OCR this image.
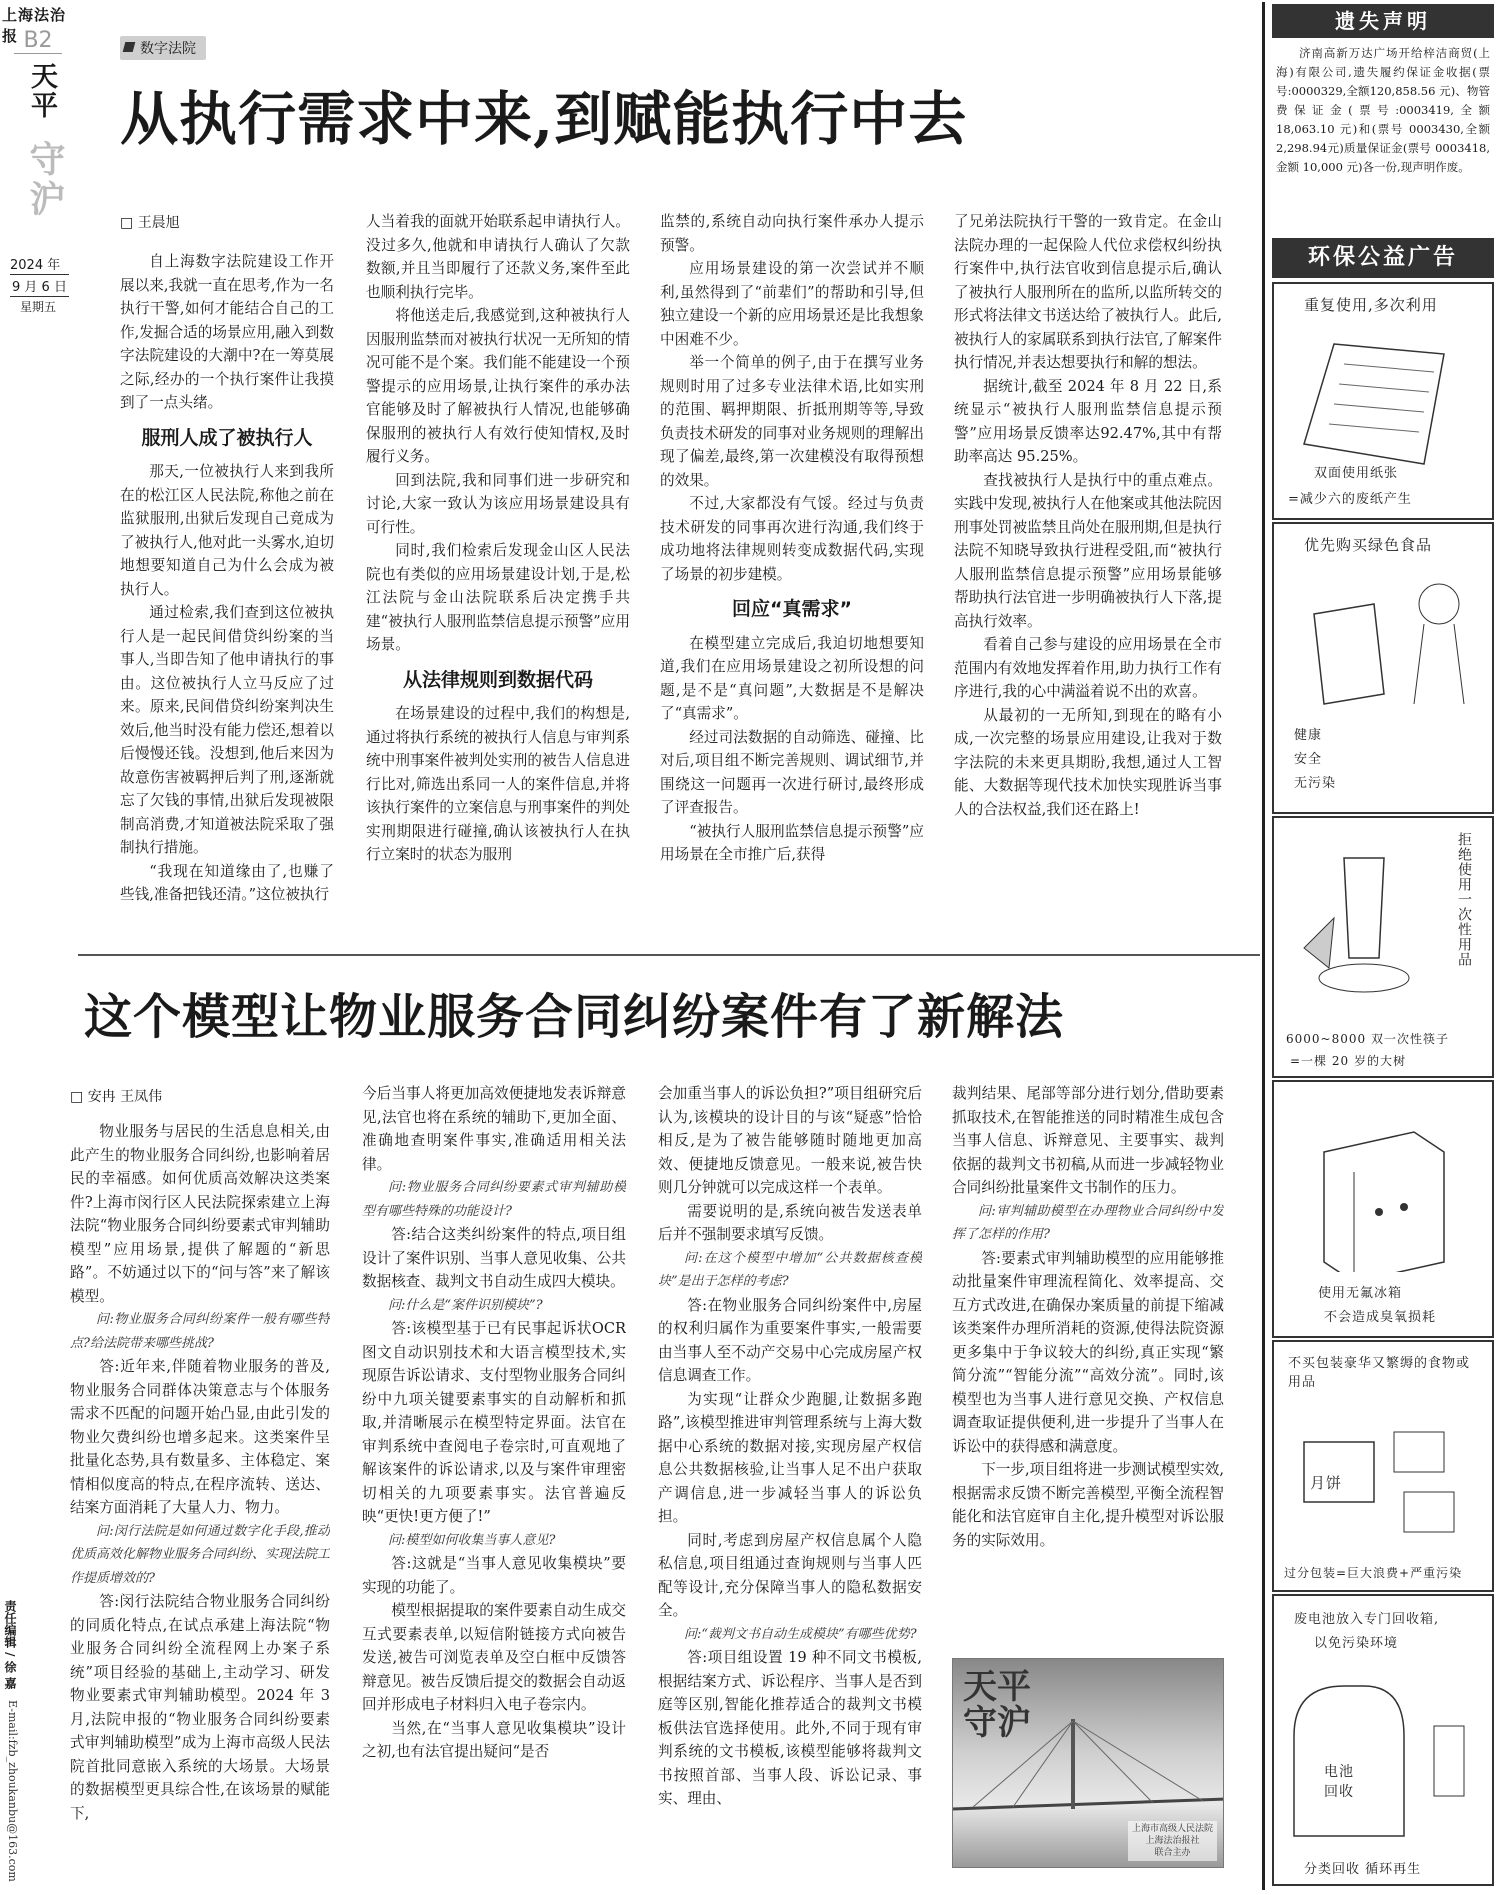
上海法治报 B2
天平
守沪
2024 年
9 月 6 日
星期五
责任编辑 / 徐 嘉
E-mail:fzb_zhoukanbu@163.com
数字法院
从执行需求中来,到赋能执行中去
□ 王晨旭

自上海数字法院建设工作开展以来,我就一直在思考,作为一名执行干警,如何才能结合自己的工作,发掘合适的场景应用,融入到数字法院建设的大潮中?在一筹莫展之际,经办的一个执行案件让我摸到了一点头绪。

服刑人成了被执行人

那天,一位被执行人来到我所在的松江区人民法院,称他之前在监狱服刑,出狱后发现自己竟成为了被执行人,他对此一头雾水,迫切地想要知道自己为什么会成为被执行人。

通过检索,我们查到这位被执行人是一起民间借贷纠纷案的当事人,当即告知了他申请执行的事由。这位被执行人立马反应了过来。原来,民间借贷纠纷案判决生效后,他当时没有能力偿还,想着以后慢慢还钱。没想到,他后来因为故意伤害被羁押后判了刑,逐渐就忘了欠钱的事情,出狱后发现被限制高消费,才知道被法院采取了强制执行措施。

“我现在知道缘由了,也赚了些钱,准备把钱还清。”这位被执行

人当着我的面就开始联系起申请执行人。没过多久,他就和申请执行人确认了欠款数额,并且当即履行了还款义务,案件至此也顺利执行完毕。

将他送走后,我感觉到,这种被执行人因服刑监禁而对被执行状况一无所知的情况可能不是个案。我们能不能建设一个预警提示的应用场景,让执行案件的承办法官能够及时了解被执行人情况,也能够确保服刑的被执行人有效行使知情权,及时履行义务。

回到法院,我和同事们进一步研究和讨论,大家一致认为该应用场景建设具有可行性。

同时,我们检索后发现金山区人民法院也有类似的应用场景建设计划,于是,松江法院与金山法院联系后决定携手共建“被执行人服刑监禁信息提示预警”应用场景。

从法律规则到数据代码

在场景建设的过程中,我们的构想是,通过将执行系统的被执行人信息与审判系统中刑事案件被判处实刑的被告人信息进行比对,筛选出系同一人的案件信息,并将该执行案件的立案信息与刑事案件的判处实刑期限进行碰撞,确认该被执行人在执行立案时的状态为服刑

监禁的,系统自动向执行案件承办人提示预警。

应用场景建设的第一次尝试并不顺利,虽然得到了“前辈们”的帮助和引导,但独立建设一个新的应用场景还是比我想象中困难不少。

举一个简单的例子,由于在撰写业务规则时用了过多专业法律术语,比如实刑的范围、羁押期限、折抵刑期等等,导致负责技术研发的同事对业务规则的理解出现了偏差,最终,第一次建模没有取得预想的效果。

不过,大家都没有气馁。经过与负责技术研发的同事再次进行沟通,我们终于成功地将法律规则转变成数据代码,实现了场景的初步建模。

回应“真需求”

在模型建立完成后,我迫切地想要知道,我们在应用场景建设之初所设想的问题,是不是“真问题”,大数据是不是解决了“真需求”。

经过司法数据的自动筛选、碰撞、比对后,项目组不断完善规则、调试细节,并围绕这一问题再一次进行研讨,最终形成了评查报告。

“被执行人服刑监禁信息提示预警”应用场景在全市推广后,获得

了兄弟法院执行干警的一致肯定。在金山法院办理的一起保险人代位求偿权纠纷执行案件中,执行法官收到信息提示后,确认了被执行人服刑所在的监所,以监所转交的形式将法律文书送达给了被执行人。此后,被执行人的家属联系到执行法官,了解案件执行情况,并表达想要执行和解的想法。

据统计,截至 2024 年 8 月 22 日,系统显示“被执行人服刑监禁信息提示预警”应用场景反馈率达92.47%,其中有帮助率高达 95.25%。

查找被执行人是执行中的重点难点。实践中发现,被执行人在他案或其他法院因刑事处罚被监禁且尚处在服刑期,但是执行法院不知晓导致执行进程受阻,而“被执行人服刑监禁信息提示预警”应用场景能够帮助执行法官进一步明确被执行人下落,提高执行效率。

看着自己参与建设的应用场景在全市范围内有效地发挥着作用,助力执行工作有序进行,我的心中满溢着说不出的欢喜。

从最初的一无所知,到现在的略有小成,一次完整的场景应用建设,让我对于数字法院的未来更具期盼,我想,通过人工智能、大数据等现代技术加快实现胜诉当事人的合法权益,我们还在路上!

这个模型让物业服务合同纠纷案件有了新解法
□ 安冉 王凤伟

物业服务与居民的生活息息相关,由此产生的物业服务合同纠纷,也影响着居民的幸福感。如何优质高效解决这类案件?上海市闵行区人民法院探索建立上海法院“物业服务合同纠纷要素式审判辅助模型”应用场景,提供了解题的“新思路”。不妨通过以下的“问与答”来了解该模型。

问:物业服务合同纠纷案件一般有哪些特点?给法院带来哪些挑战?

答:近年来,伴随着物业服务的普及,物业服务合同群体决策意志与个体服务需求不匹配的问题开始凸显,由此引发的物业欠费纠纷也增多起来。这类案件呈批量化态势,具有数量多、主体稳定、案情相似度高的特点,在程序流转、送达、结案方面消耗了大量人力、物力。

问:闵行法院是如何通过数字化手段,推动优质高效化解物业服务合同纠纷、实现法院工作提质增效的?

答:闵行法院结合物业服务合同纠纷的同质化特点,在试点承建上海法院“物业服务合同纠纷全流程网上办案子系统”项目经验的基础上,主动学习、研发物业要素式审判辅助模型。2024 年 3 月,法院申报的“物业服务合同纠纷要素式审判辅助模型”成为上海市高级人民法院首批同意嵌入系统的大场景。大场景的数据模型更具综合性,在该场景的赋能下,

今后当事人将更加高效便捷地发表诉辩意见,法官也将在系统的辅助下,更加全面、准确地查明案件事实,准确适用相关法律。

问:物业服务合同纠纷要素式审判辅助模型有哪些特殊的功能设计?

答:结合这类纠纷案件的特点,项目组设计了案件识别、当事人意见收集、公共数据核查、裁判文书自动生成四大模块。

问:什么是“案件识别模块”?

答:该模型基于已有民事起诉状OCR 图文自动识别技术和大语言模型技术,实现原告诉讼请求、支付型物业服务合同纠纷中九项关键要素事实的自动解析和抓取,并清晰展示在模型特定界面。法官在审判系统中查阅电子卷宗时,可直观地了解该案件的诉讼请求,以及与案件审理密切相关的九项要素事实。法官普遍反映“更快!更方便了!”

问:模型如何收集当事人意见?

答:这就是“当事人意见收集模块”要实现的功能了。

模型根据提取的案件要素自动生成交互式要素表单,以短信附链接方式向被告发送,被告可浏览表单及空白框中反馈答辩意见。被告反馈后提交的数据会自动返回并形成电子材料归入电子卷宗内。

当然,在“当事人意见收集模块”设计之初,也有法官提出疑问“是否

会加重当事人的诉讼负担?”项目组研究后认为,该模块的设计目的与该“疑惑”恰恰相反,是为了被告能够随时随地更加高效、便捷地反馈意见。一般来说,被告快则几分钟就可以完成这样一个表单。

需要说明的是,系统向被告发送表单后并不强制要求填写反馈。

问:在这个模型中增加“公共数据核查模块”是出于怎样的考虑?

答:在物业服务合同纠纷案件中,房屋的权利归属作为重要案件事实,一般需要由当事人至不动产交易中心完成房屋产权信息调查工作。

为实现“让群众少跑腿,让数据多跑路”,该模型推进审判管理系统与上海大数据中心系统的数据对接,实现房屋产权信息公共数据核验,让当事人足不出户获取产调信息,进一步减轻当事人的诉讼负担。

同时,考虑到房屋产权信息属个人隐私信息,项目组通过查询规则与当事人匹配等设计,充分保障当事人的隐私数据安全。

问:“裁判文书自动生成模块”有哪些优势?

答:项目组设置 19 种不同文书模板,根据结案方式、诉讼程序、当事人是否到庭等区别,智能化推荐适合的裁判文书模板供法官选择使用。此外,不同于现有审判系统的文书模板,该模型能够将裁判文书按照首部、当事人段、诉讼记录、事实、理由、

裁判结果、尾部等部分进行划分,借助要素抓取技术,在智能推送的同时精准生成包含当事人信息、诉辩意见、主要事实、裁判依据的裁判文书初稿,从而进一步减轻物业合同纠纷批量案件文书制作的压力。

问:审判辅助模型在办理物业合同纠纷中发挥了怎样的作用?

答:要素式审判辅助模型的应用能够推动批量案件审理流程简化、效率提高、交互方式改进,在确保办案质量的前提下缩减该类案件办理所消耗的资源,使得法院资源更多集中于争议较大的纠纷,真正实现“繁简分流”“智能分流”“高效分流”。同时,该模型也为当事人进行意见交换、产权信息调查取证提供便利,进一步提升了当事人在诉讼中的获得感和满意度。

下一步,项目组将进一步测试模型实效,根据需求反馈不断完善模型,平衡全流程智能化和法官庭审自主化,提升模型对诉讼服务的实际效用。

天平
守沪
上海市高级人民法院
上海法治报社
联合主办
遗失声明
济南高新万达广场开给梓洁商贸(上海)有限公司,遗失履约保证金收据(票号:0000329,全额120,858.56 元)、物管费保证金(票号:0003419,全额 18,063.10 元)和(票号 0003430,全额 2,298.94元)质量保证金(票号 0003418,金额 10,000 元)各一份,现声明作废。
环保公益广告
重复使用,多次利用
双面使用纸张
=减少六的废纸产生
优先购买绿色食品
健康
安全
无污染
拒绝使用一次性用品
6000~8000 双一次性筷子
=一棵 20 岁的大树
使用无氟冰箱
不会造成臭氧损耗
不买包装豪华又繁缛的食物或用品
月饼
过分包装=巨大浪费+严重污染
废电池放入专门回收箱,
以免污染环境
电池回收
分类回收 循环再生
